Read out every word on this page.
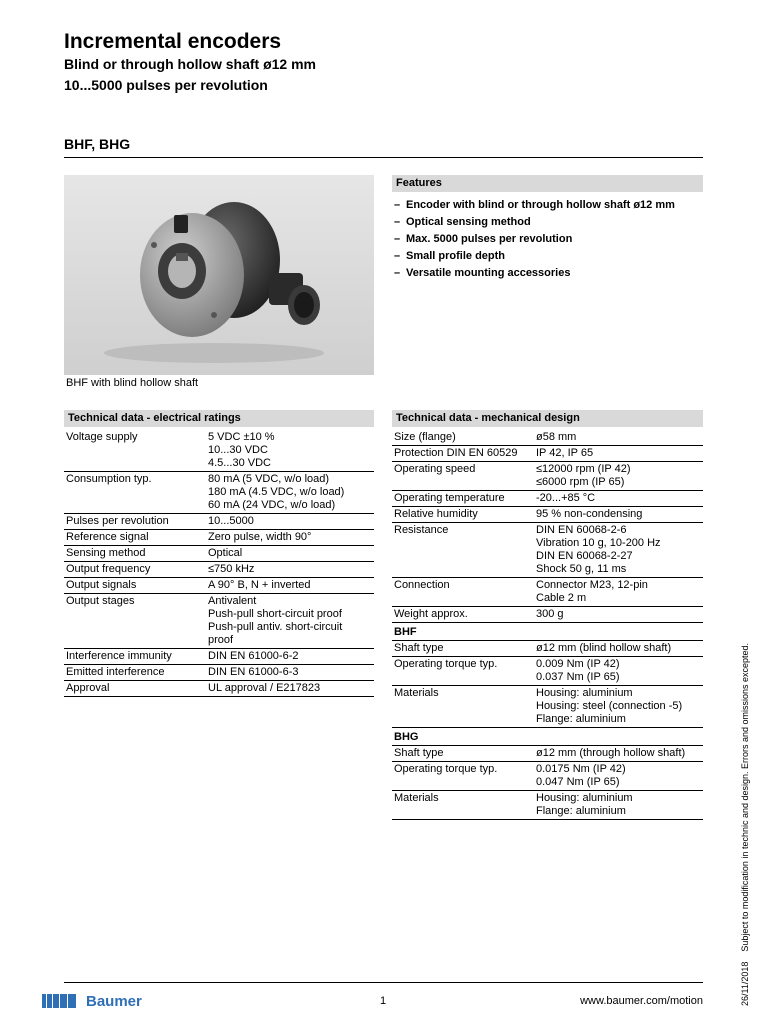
Incremental encoders
Blind or through hollow shaft ø12 mm
10...5000 pulses per revolution
BHF, BHG
BHF with blind hollow shaft
Features
– Encoder with blind or through hollow shaft ø12 mm
– Optical sensing method
– Max. 5000 pulses per revolution
– Small profile depth
– Versatile mounting accessories
Technical data - electrical ratings
Voltage supply	5 VDC ±10 %
10...30 VDC
4.5...30 VDC

Consumption typ.	80 mA (5 VDC, w/o load)
180 mA (4.5 VDC, w/o load)
60 mA (24 VDC, w/o load)

Pulses per revolution	10...5000

Reference signal	Zero pulse, width 90°

Sensing method	Optical

Output frequency	≤750 kHz

Output signals	A 90° B, N + inverted

Output stages	Antivalent
Push-pull short-circuit proof
Push-pull antiv. short-circuit
proof

Interference immunity	DIN EN 61000-6-2

Emitted interference	DIN EN 61000-6-3

Approval	UL approval / E217823
Technical data - mechanical design
Size (flange)	ø58 mm

Protection DIN EN 60529	IP 42, IP 65

Operating speed	≤12000 rpm (IP 42)
≤6000 rpm (IP 65)

Operating temperature	-20...+85 °C

Relative humidity	95 % non-condensing

Resistance	DIN EN 60068-2-6
Vibration 10 g, 10-200 Hz
DIN EN 60068-2-27
Shock 50 g, 11 ms

Connection	Connector M23, 12-pin
Cable 2 m

Weight approx.	300 g

BHF	
Shaft type	ø12 mm (blind hollow shaft)

Operating torque typ.	0.009 Nm (IP 42)
0.037 Nm (IP 65)

Materials	Housing: aluminium
Housing: steel (connection -5)
Flange: aluminium

BHG	
Shaft type	ø12 mm (through hollow shaft)

Operating torque typ.	0.0175 Nm (IP 42)
0.047 Nm (IP 65)

Materials	Housing: aluminium
Flange: aluminium
Baumer	1	www.baumer.com/motion	26/11/2018Subject to modification in technic and design. Errors and omissions excepted.
